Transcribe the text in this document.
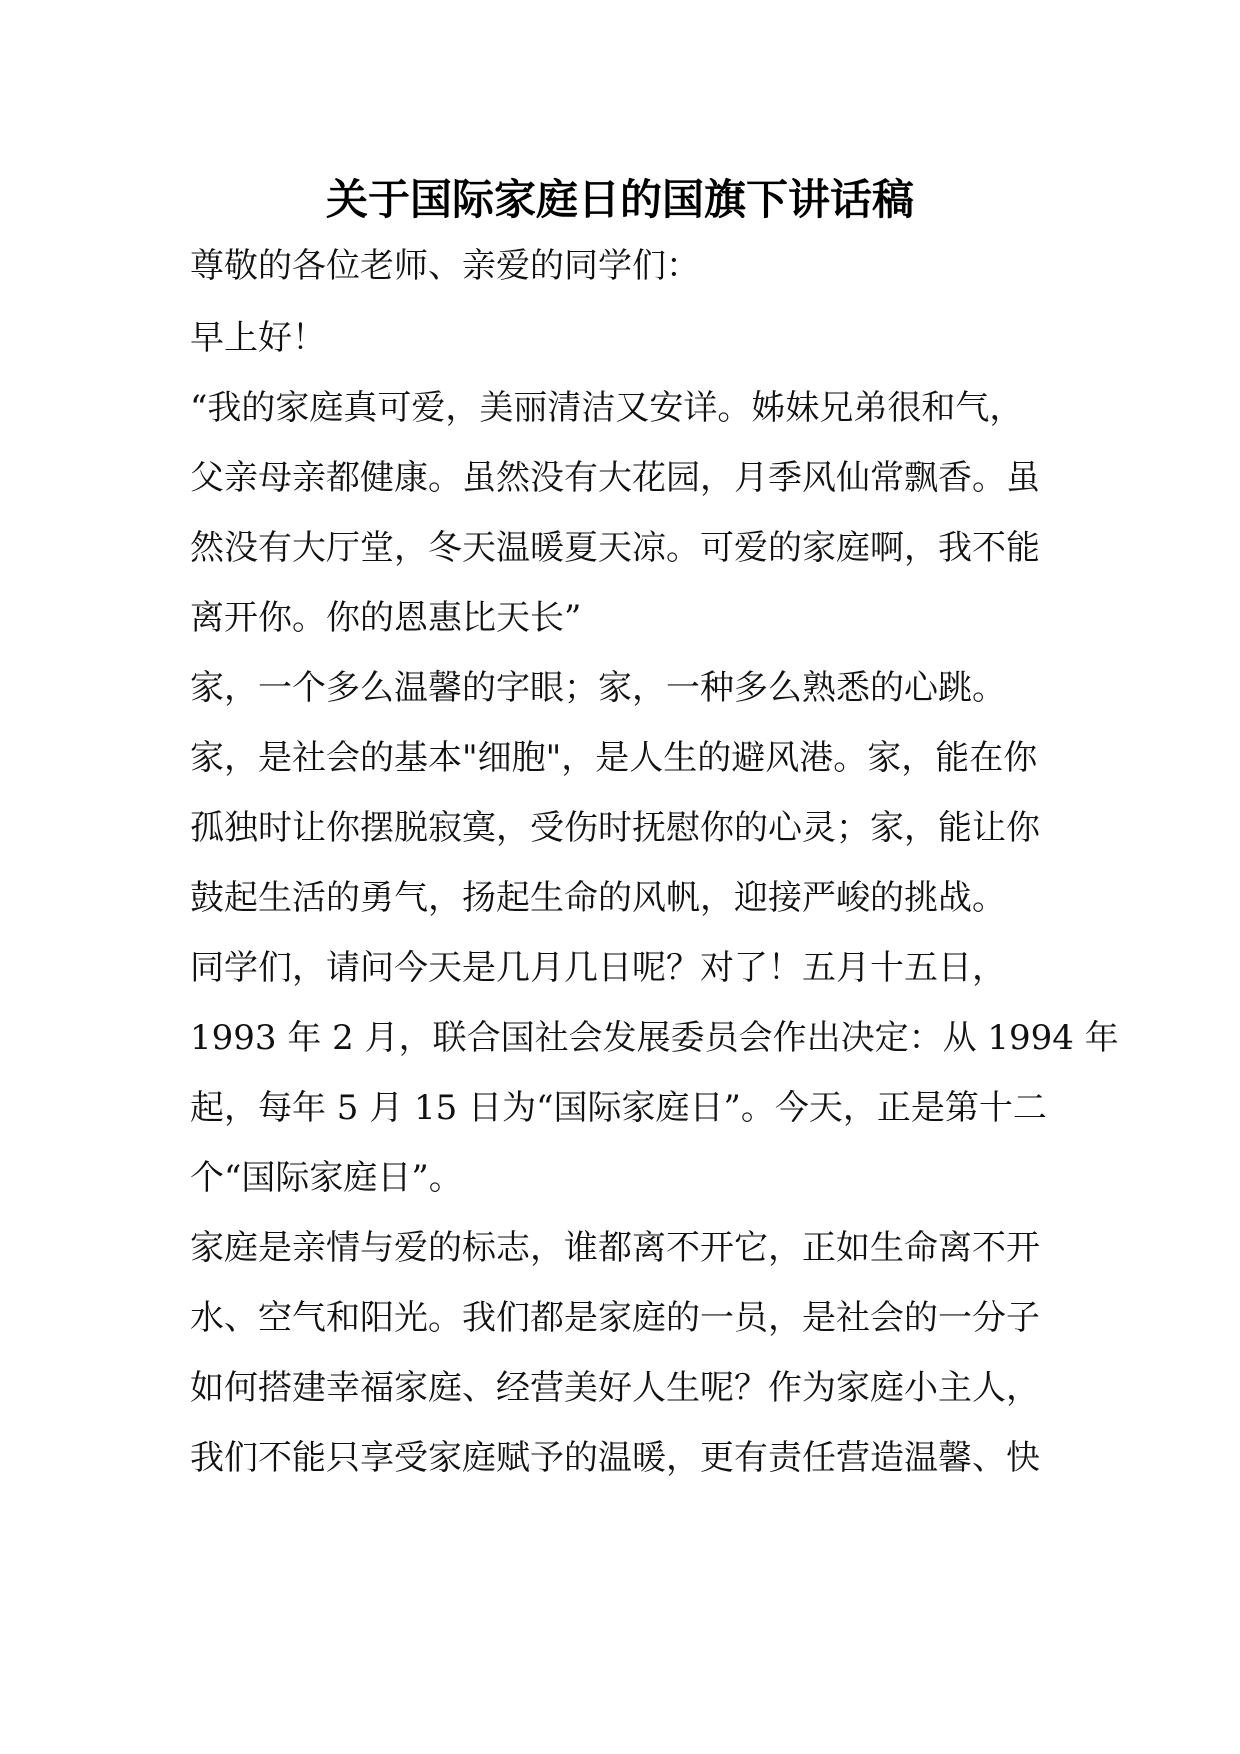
关于国际家庭日的国旗下讲话稿

尊敬的各位老师、亲爱的同学们：

早上好！

“我的家庭真可爱，美丽清洁又安详。姊妹兄弟很和气，

父亲母亲都健康。虽然没有大花园，月季风仙常飘香。虽

然没有大厅堂，冬天温暖夏天凉。可爱的家庭啊，我不能

离开你。你的恩惠比天长”

家，一个多么温馨的字眼；家，一种多么熟悉的心跳。

家，是社会的基本"细胞"，是人生的避风港。家，能在你

孤独时让你摆脱寂寞，受伤时抚慰你的心灵；家，能让你

鼓起生活的勇气，扬起生命的风帆，迎接严峻的挑战。

同学们，请问今天是几月几日呢？对了！五月十五日，

1993 年 2 月，联合国社会发展委员会作出决定：从 1994 年

起，每年 5 月 15 日为“国际家庭日”。今天，正是第十二

个“国际家庭日”。

家庭是亲情与爱的标志，谁都离不开它，正如生命离不开

水、空气和阳光。我们都是家庭的一员，是社会的一分子

如何搭建幸福家庭、经营美好人生呢？作为家庭小主人，

我们不能只享受家庭赋予的温暖，更有责任营造温馨、快
